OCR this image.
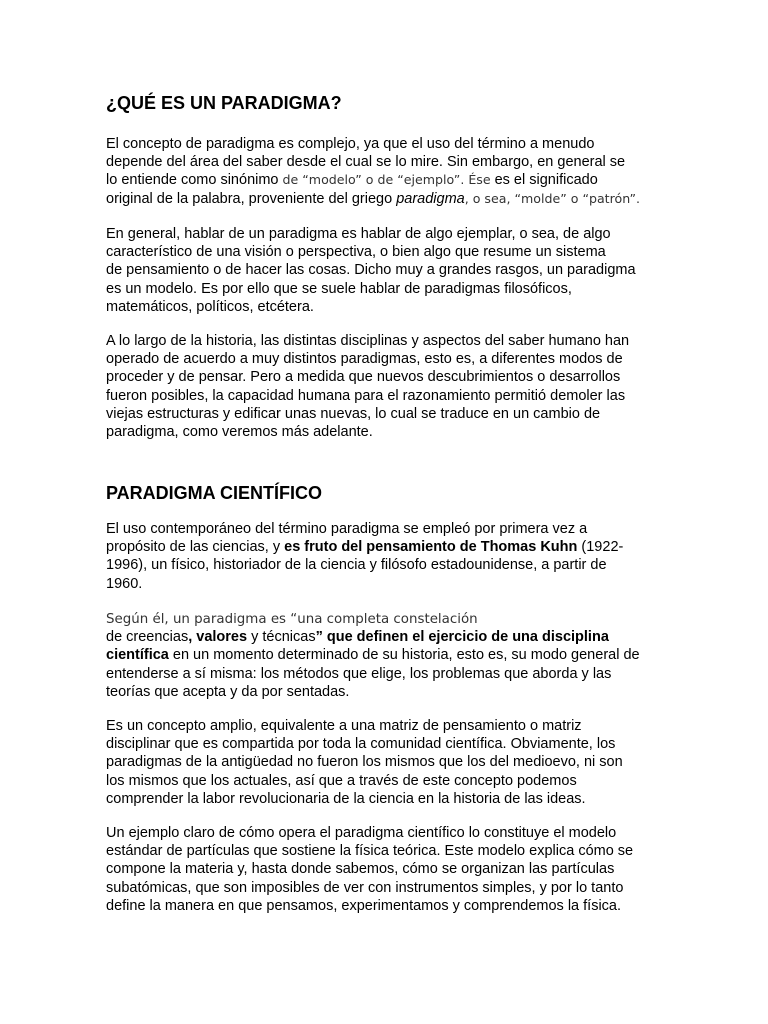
¿QUÉ ES UN PARADIGMA?
El concepto de paradigma es complejo, ya que el uso del término a menudo
depende del área del saber desde el cual se lo mire. Sin embargo, en general se
lo entiende como sinónimo de “modelo” o de “ejemplo”. Ése es el significado
original de la palabra, proveniente del griego paradigma, o sea, “molde” o “patrón”.
En general, hablar de un paradigma es hablar de algo ejemplar, o sea, de algo
característico de una visión o perspectiva, o bien algo que resume un sistema
de pensamiento o de hacer las cosas. Dicho muy a grandes rasgos, un paradigma
es un modelo. Es por ello que se suele hablar de paradigmas filosóficos,
matemáticos, políticos, etcétera.
A lo largo de la historia, las distintas disciplinas y aspectos del saber humano han
operado de acuerdo a muy distintos paradigmas, esto es, a diferentes modos de
proceder y de pensar. Pero a medida que nuevos descubrimientos o desarrollos
fueron posibles, la capacidad humana para el razonamiento permitió demoler las
viejas estructuras y edificar unas nuevas, lo cual se traduce en un cambio de
paradigma, como veremos más adelante.
PARADIGMA CIENTÍFICO
El uso contemporáneo del término paradigma se empleó por primera vez a
propósito de las ciencias, y es fruto del pensamiento de Thomas Kuhn (1922-
1996), un físico, historiador de la ciencia y filósofo estadounidense, a partir de
1960.
Según él, un paradigma es “una completa constelación
de creencias, valores y técnicas” que definen el ejercicio de una disciplina
científica en un momento determinado de su historia, esto es, su modo general de
entenderse a sí misma: los métodos que elige, los problemas que aborda y las
teorías que acepta y da por sentadas.
Es un concepto amplio, equivalente a una matriz de pensamiento o matriz
disciplinar que es compartida por toda la comunidad científica. Obviamente, los
paradigmas de la antigüedad no fueron los mismos que los del medioevo, ni son
los mismos que los actuales, así que a través de este concepto podemos
comprender la labor revolucionaria de la ciencia en la historia de las ideas.
Un ejemplo claro de cómo opera el paradigma científico lo constituye el modelo
estándar de partículas que sostiene la física teórica. Este modelo explica cómo se
compone la materia y, hasta donde sabemos, cómo se organizan las partículas
subatómicas, que son imposibles de ver con instrumentos simples, y por lo tanto
define la manera en que pensamos, experimentamos y comprendemos la física.
